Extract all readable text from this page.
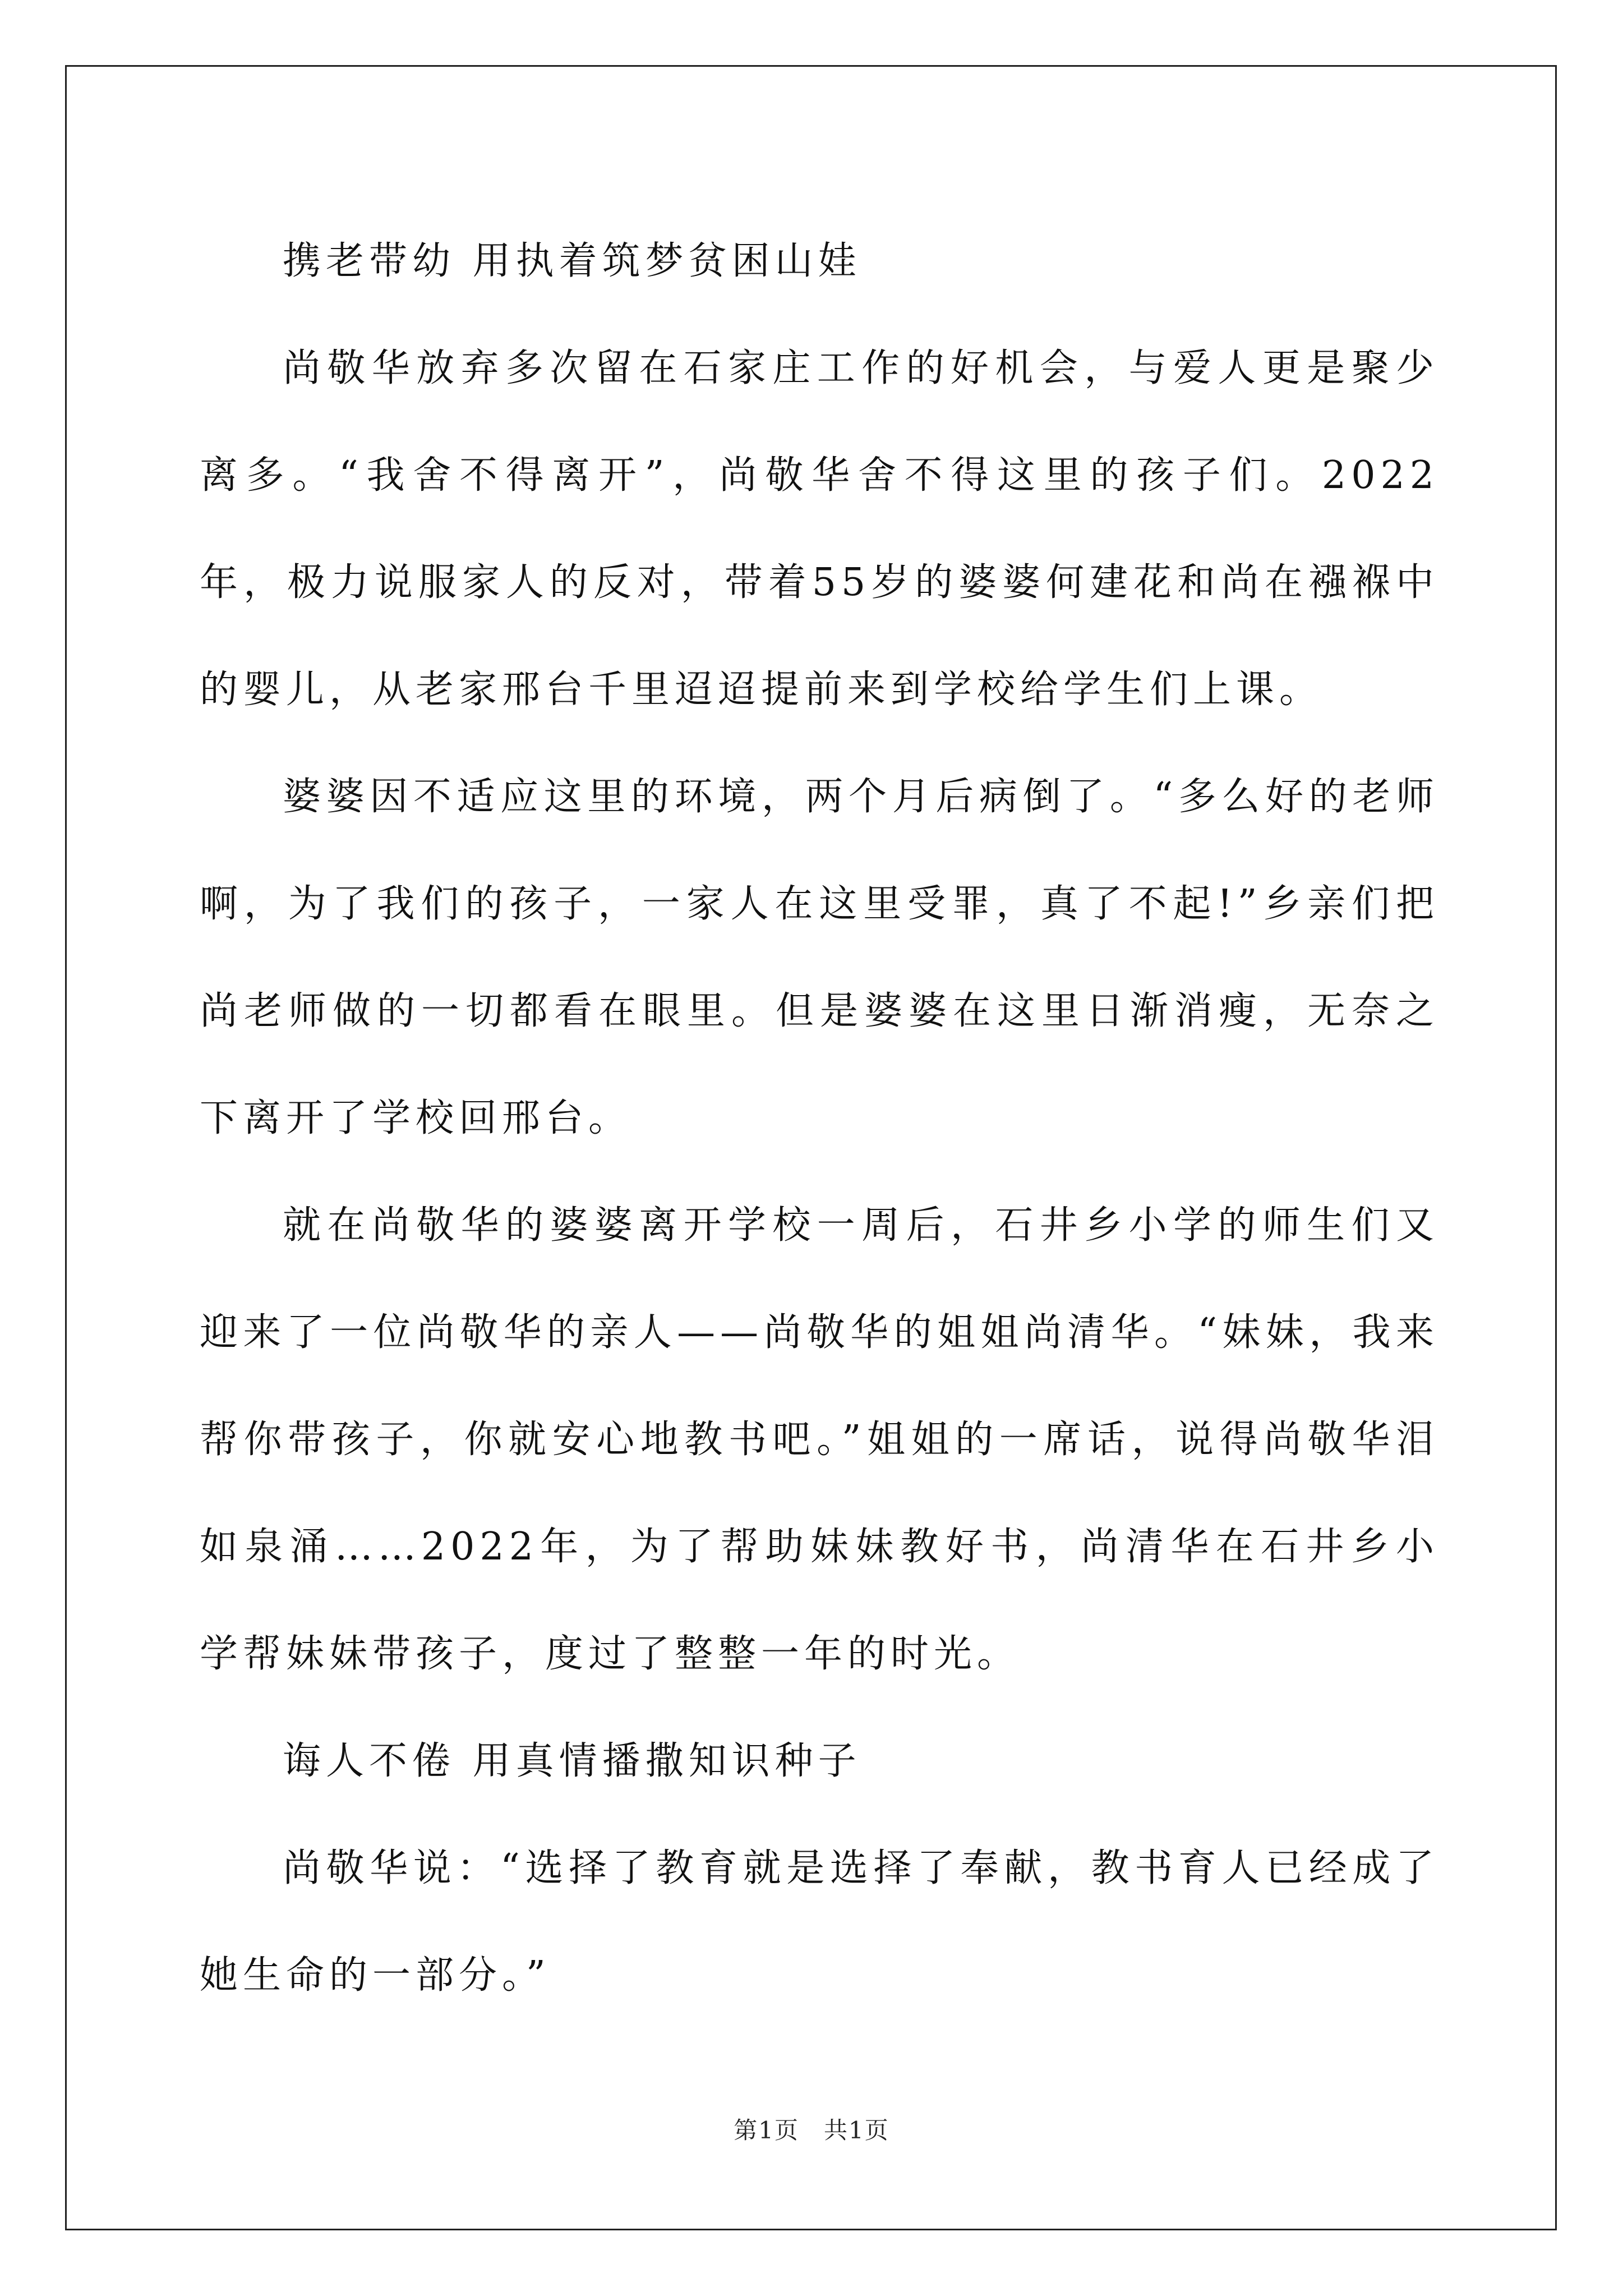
携老带幼 用执着筑梦贫困山娃

尚敬华放弃多次留在石家庄工作的好机会，与爱人更是聚少离多。“我舍不得离开”，尚敬华舍不得这里的孩子们。2022年，极力说服家人的反对，带着55岁的婆婆何建花和尚在襁褓中的婴儿，从老家邢台千里迢迢提前来到学校给学生们上课。

婆婆因不适应这里的环境，两个月后病倒了。“多么好的老师啊，为了我们的孩子，一家人在这里受罪，真了不起!”乡亲们把尚老师做的一切都看在眼里。但是婆婆在这里日渐消瘦，无奈之下离开了学校回邢台。

就在尚敬华的婆婆离开学校一周后，石井乡小学的师生们又迎来了一位尚敬华的亲人——尚敬华的姐姐尚清华。“妹妹，我来帮你带孩子，你就安心地教书吧。”姐姐的一席话，说得尚敬华泪如泉涌……2022年，为了帮助妹妹教好书，尚清华在石井乡小学帮妹妹带孩子，度过了整整一年的时光。

诲人不倦 用真情播撒知识种子

尚敬华说：“选择了教育就是选择了奉献，教书育人已经成了她生命的一部分。”

第1页　共1页
